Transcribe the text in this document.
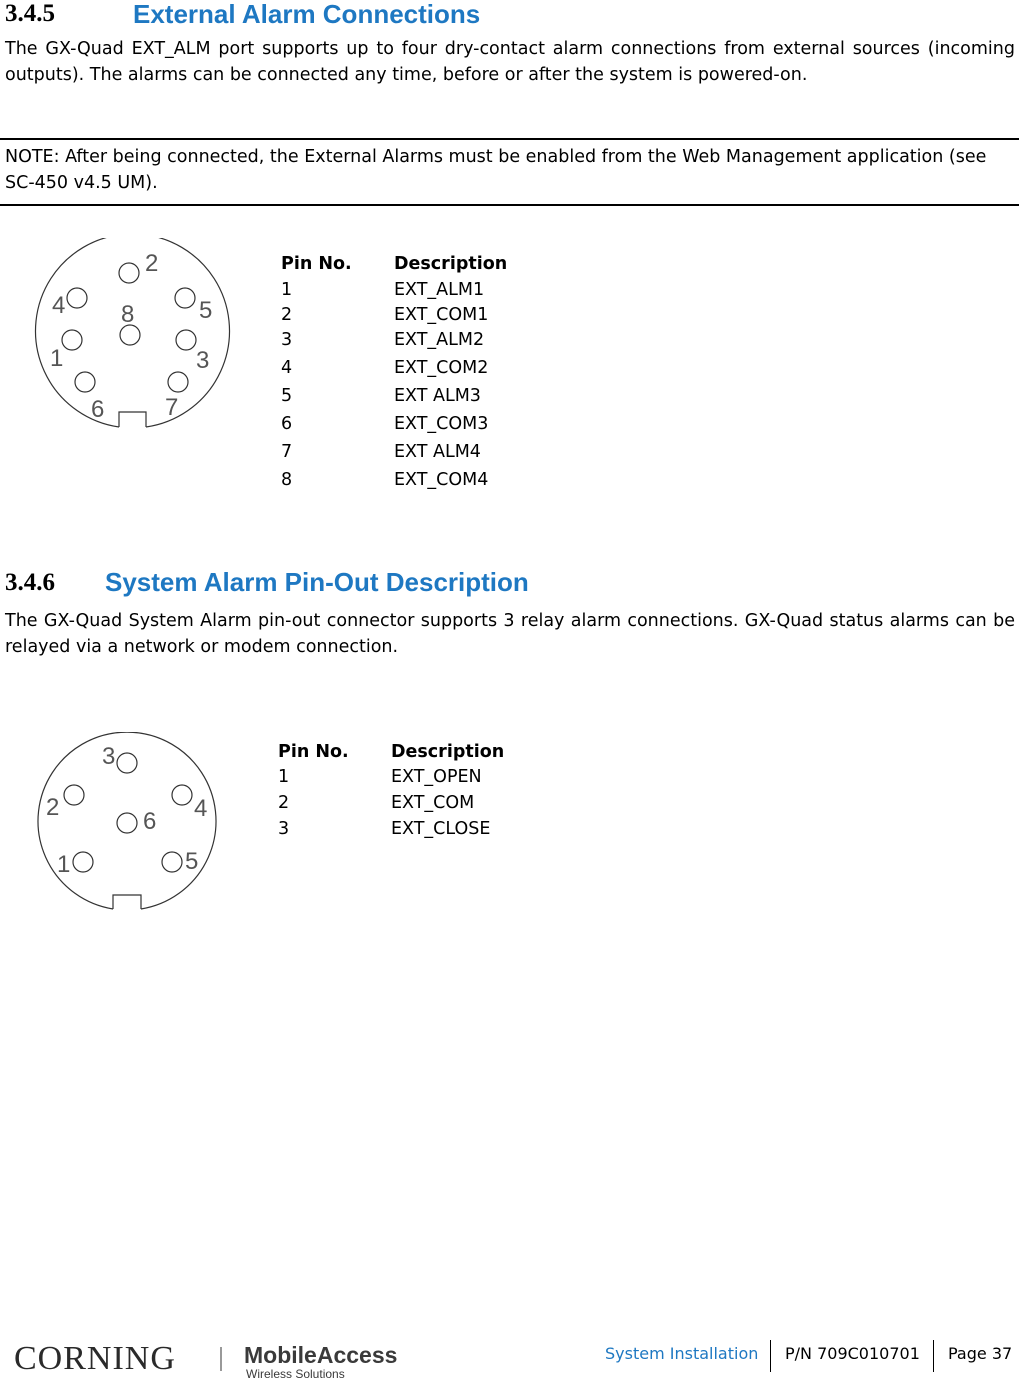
3.4.5	External Alarm Connections

The GX-Quad EXT_ALM port supports up to four dry-contact alarm connections from external sources (incoming outputs). The alarms can be connected any time, before or after the system is powered-on.

NOTE: After being connected, the External Alarms must be enabled from the Web Management application (see SC-450 v4.5 UM).

2
4	5
8
1	3
6	7
Pin No. Description
1	EXT_ALM1
2	EXT_COM1
3	EXT_ALM2
4	EXT_COM2
5	EXT ALM3
6	EXT_COM3
7	EXT ALM4
8	EXT_COM4
3.4.6 System Alarm Pin-Out Description

The GX-Quad System Alarm pin-out connector supports 3 relay alarm connections. GX-Quad status alarms can be relayed via a network or modem connection.

3
2	4
6
1	5
Pin No. Description
1	EXT_OPEN
2	EXT_COM
3	EXT_CLOSE
CORNING	MobileAccess
Wireless Solutions
System Installation P/N 709C010701 Page 37
